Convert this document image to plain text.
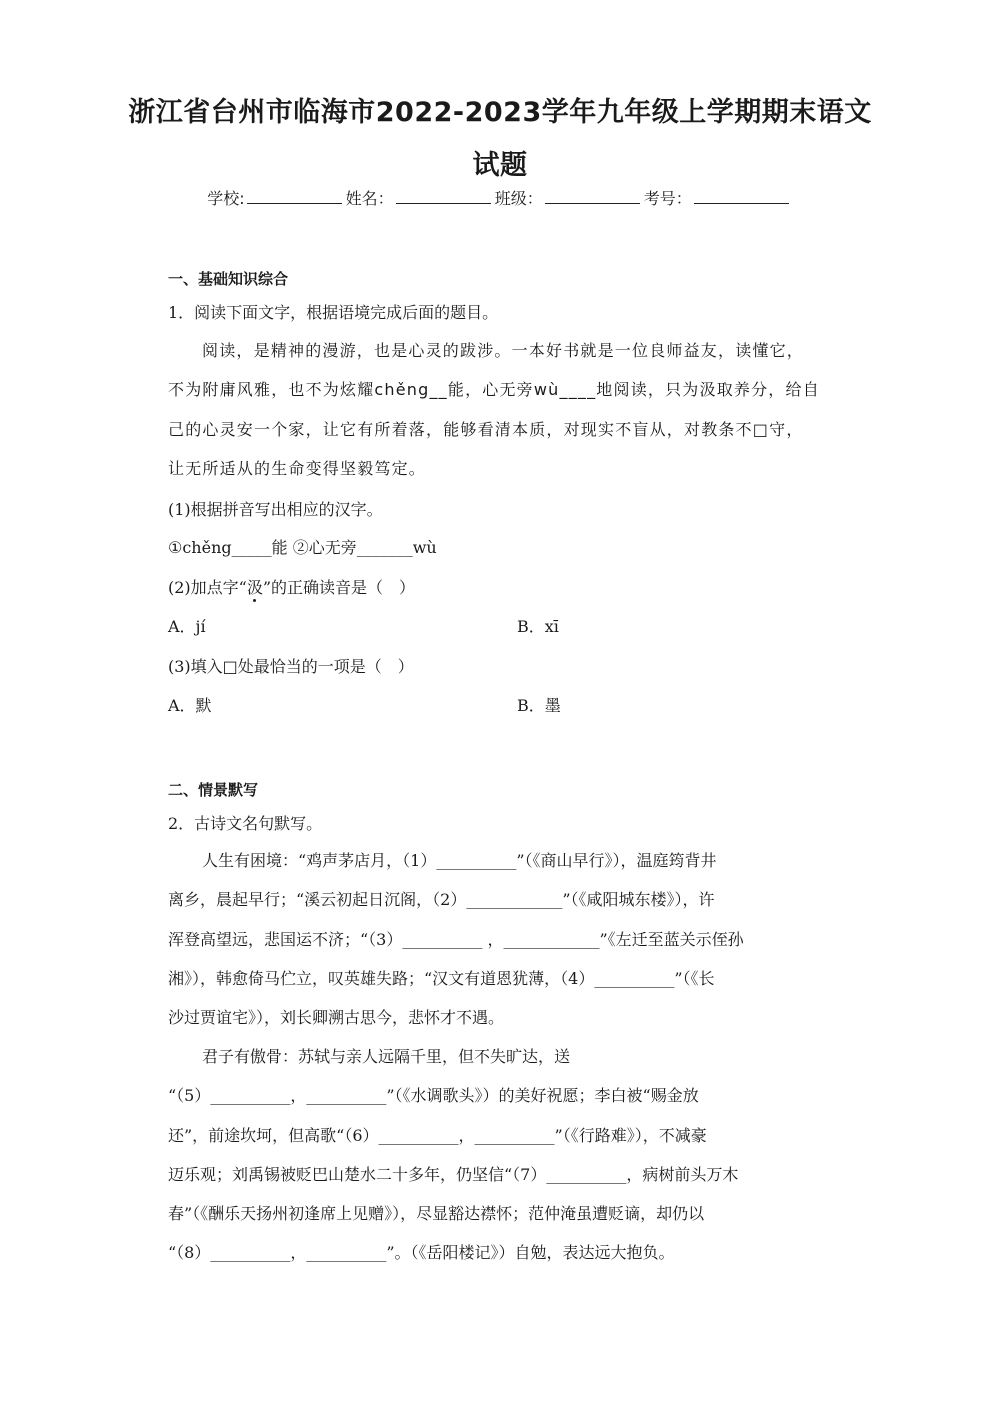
浙江省台州市临海市2022-2023学年九年级上学期期末语文
试题
学校:	姓名：	班级：	考号：
一、基础知识综合
1．阅读下面文字，根据语境完成后面的题目。

阅读，是精神的漫游，也是心灵的跋涉。一本好书就是一位良师益友，读懂它，

不为附庸风雅，也不为炫耀chěng__能，心无旁wù____地阅读，只为汲取养分，给自

己的心灵安一个家，让它有所着落，能够看清本质，对现实不盲从，对教条不□守，

让无所适从的生命变得坚毅笃定。

(1)根据拼音写出相应的汉字。
①chěng_____能 ②心无旁_______wù
(2)加点字“汲”的正确读音是（　）
A．jí	B．xī
(3)填入□处最恰当的一项是（　）
A．默	B．墨
二、情景默写
2．古诗文名句默写。

人生有困境：“鸡声茅店月，（1）__________”（《商山早行》），温庭筠背井

离乡，晨起早行；“溪云初起日沉阁，（2）____________”（《咸阳城东楼》），许

浑登高望远，悲国运不济；“（3）__________ ，____________”《左迁至蓝关示侄孙

湘》），韩愈倚马伫立，叹英雄失路；“汉文有道恩犹薄，（4）__________”（《长

沙过贾谊宅》），刘长卿溯古思今，悲怀才不遇。

君子有傲骨：苏轼与亲人远隔千里，但不失旷达，送

“（5）__________，__________”（《水调歌头》）的美好祝愿；李白被“赐金放

还”，前途坎坷，但高歌“（6）__________，__________”（《行路难》），不减豪

迈乐观；刘禹锡被贬巴山楚水二十多年，仍坚信“（7）__________，病树前头万木

春”（《酬乐天扬州初逢席上见赠》），尽显豁达襟怀；范仲淹虽遭贬谪，却仍以

“（8）__________，__________”。（《岳阳楼记》）自勉，表达远大抱负。
